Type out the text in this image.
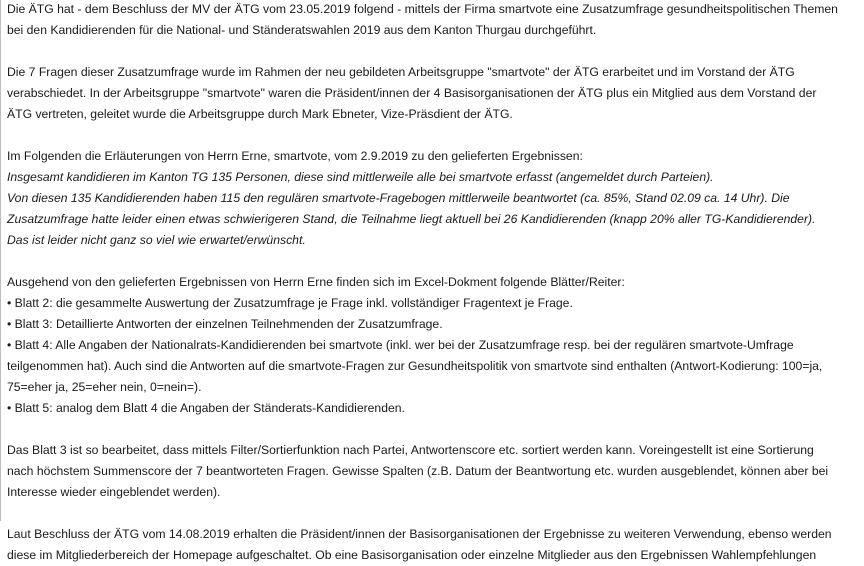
Die ÄTG hat - dem Beschluss der MV der ÄTG vom 23.05.2019 folgend - mittels der Firma smartvote eine Zusatzumfrage gesundheitspolitischen Themen
bei den Kandidierenden für die National- und Ständeratswahlen 2019 aus dem Kanton Thurgau durchgeführt.
Die 7 Fragen dieser Zusatzumfrage wurde im Rahmen der neu gebildeten Arbeitsgruppe "smartvote" der ÄTG erarbeitet und im Vorstand der ÄTG
verabschiedet. In der Arbeitsgruppe "smartvote" waren die Präsident/innen der 4 Basisorganisationen der ÄTG plus ein Mitglied aus dem Vorstand der
ÄTG vertreten, geleitet wurde die Arbeitsgruppe durch Mark Ebneter, Vize-Präsdient der ÄTG.
Im Folgenden die Erläuterungen von Herrn Erne, smartvote, vom 2.9.2019 zu den gelieferten Ergebnissen:
Insgesamt kandidieren im Kanton TG 135 Personen, diese sind mittlerweile alle bei smartvote erfasst (angemeldet durch Parteien).
Von diesen 135 Kandidierenden haben 115 den regulären smartvote-Fragebogen mittlerweile beantwortet (ca. 85%, Stand 02.09 ca. 14 Uhr). Die
Zusatzumfrage hatte leider einen etwas schwierigeren Stand, die Teilnahme liegt aktuell bei 26 Kandidierenden (knapp 20% aller TG-Kandidierender).
Das ist leider nicht ganz so viel wie erwartet/erwünscht.
Ausgehend von den gelieferten Ergebnissen von Herrn Erne finden sich im Excel-Dokment folgende Blätter/Reiter:
• Blatt 2: die gesammelte Auswertung der Zusatzumfrage je Frage inkl. vollständiger Fragentext je Frage.
• Blatt 3: Detaillierte Antworten der einzelnen Teilnehmenden der Zusatzumfrage.
• Blatt 4: Alle Angaben der Nationalrats-Kandidierenden bei smartvote (inkl. wer bei der Zusatzumfrage resp. bei der regulären smartvote-Umfrage
teilgenommen hat). Auch sind die Antworten auf die smartvote-Fragen zur Gesundheitspolitik von smartvote sind enthalten (Antwort-Kodierung: 100=ja,
75=eher ja, 25=eher nein, 0=nein=).
• Blatt 5: analog dem Blatt 4 die Angaben der Ständerats-Kandidierenden.
Das Blatt 3 ist so bearbeitet, dass mittels Filter/Sortierfunktion nach Partei, Antwortenscore etc. sortiert werden kann. Voreingestellt ist eine Sortierung
nach höchstem Summenscore der 7 beantworteten Fragen. Gewisse Spalten (z.B. Datum der Beantwortung etc. wurden ausgeblendet, können aber bei
Interesse wieder eingeblendet werden).
Laut Beschluss der ÄTG vom 14.08.2019 erhalten die Präsident/innen der Basisorganisationen der Ergebnisse zu weiteren Verwendung, ebenso werden
diese im Mitgliederbereich der Homepage aufgeschaltet. Ob eine Basisorganisation oder einzelne Mitglieder aus den Ergebnissen Wahlempfehlungen
